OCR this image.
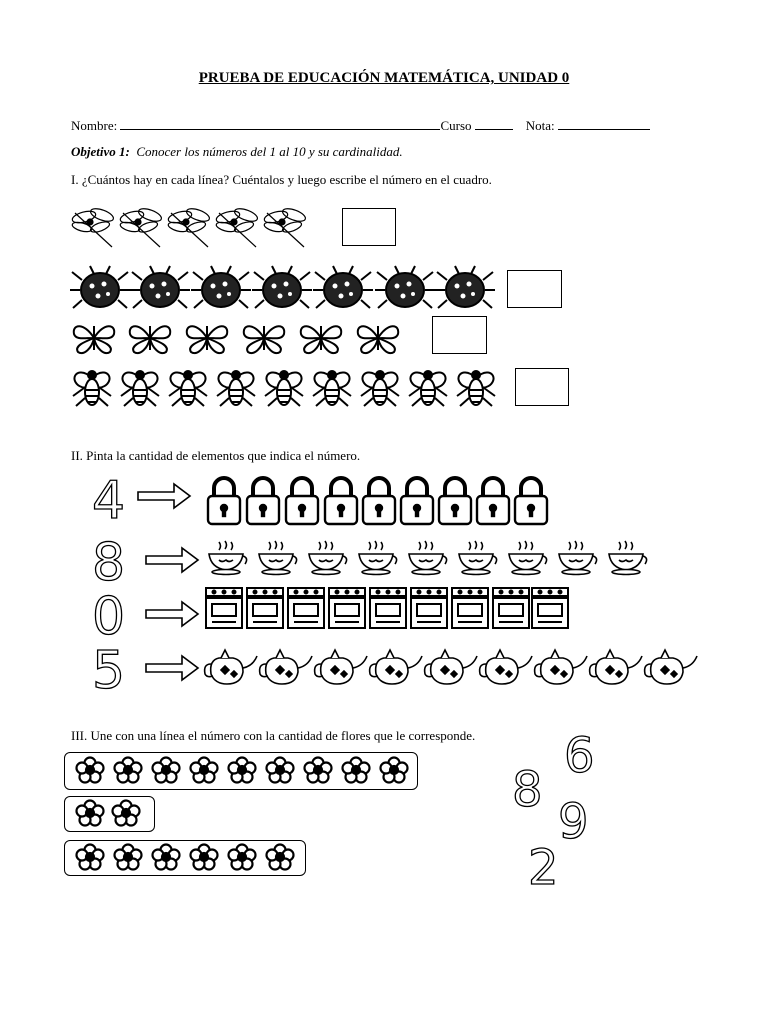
PRUEBA DE EDUCACIÓN MATEMÁTICA, UNIDAD 0
Nombre:	Curso	Nota:
Objetivo 1: Conocer los números del 1 al 10 y su cardinalidad.
I. ¿Cuántos hay en cada línea? Cuéntalos y luego escribe el número en el cuadro.
II. Pinta la cantidad de elementos que indica el número.
4
8
0
5
III. Une con una línea el número con la cantidad de flores que le corresponde. 6
8
9
2
